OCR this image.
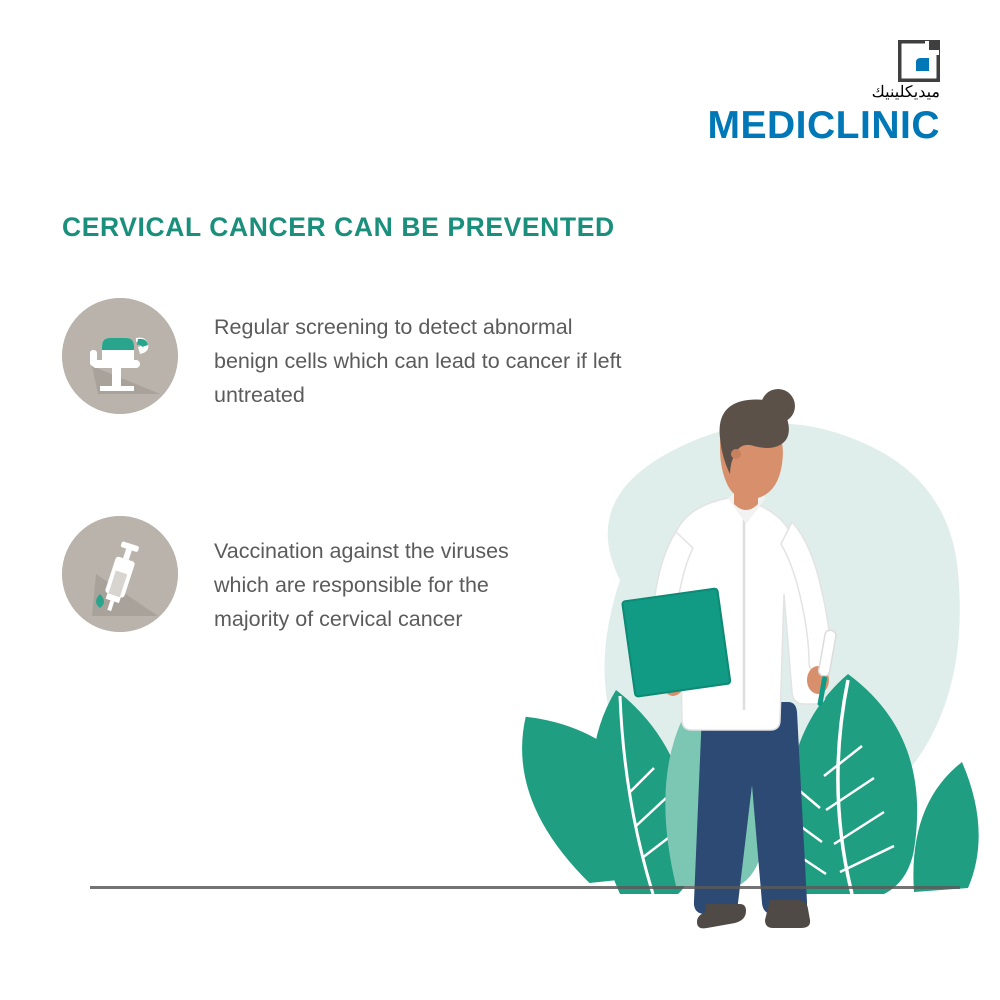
ميديكلينيك
MEDICLINIC
CERVICAL CANCER CAN BE PREVENTED
Regular screening to detect abnormal benign cells which can lead to cancer if left untreated
Vaccination against the viruses which are responsible for the majority of cervical cancer
